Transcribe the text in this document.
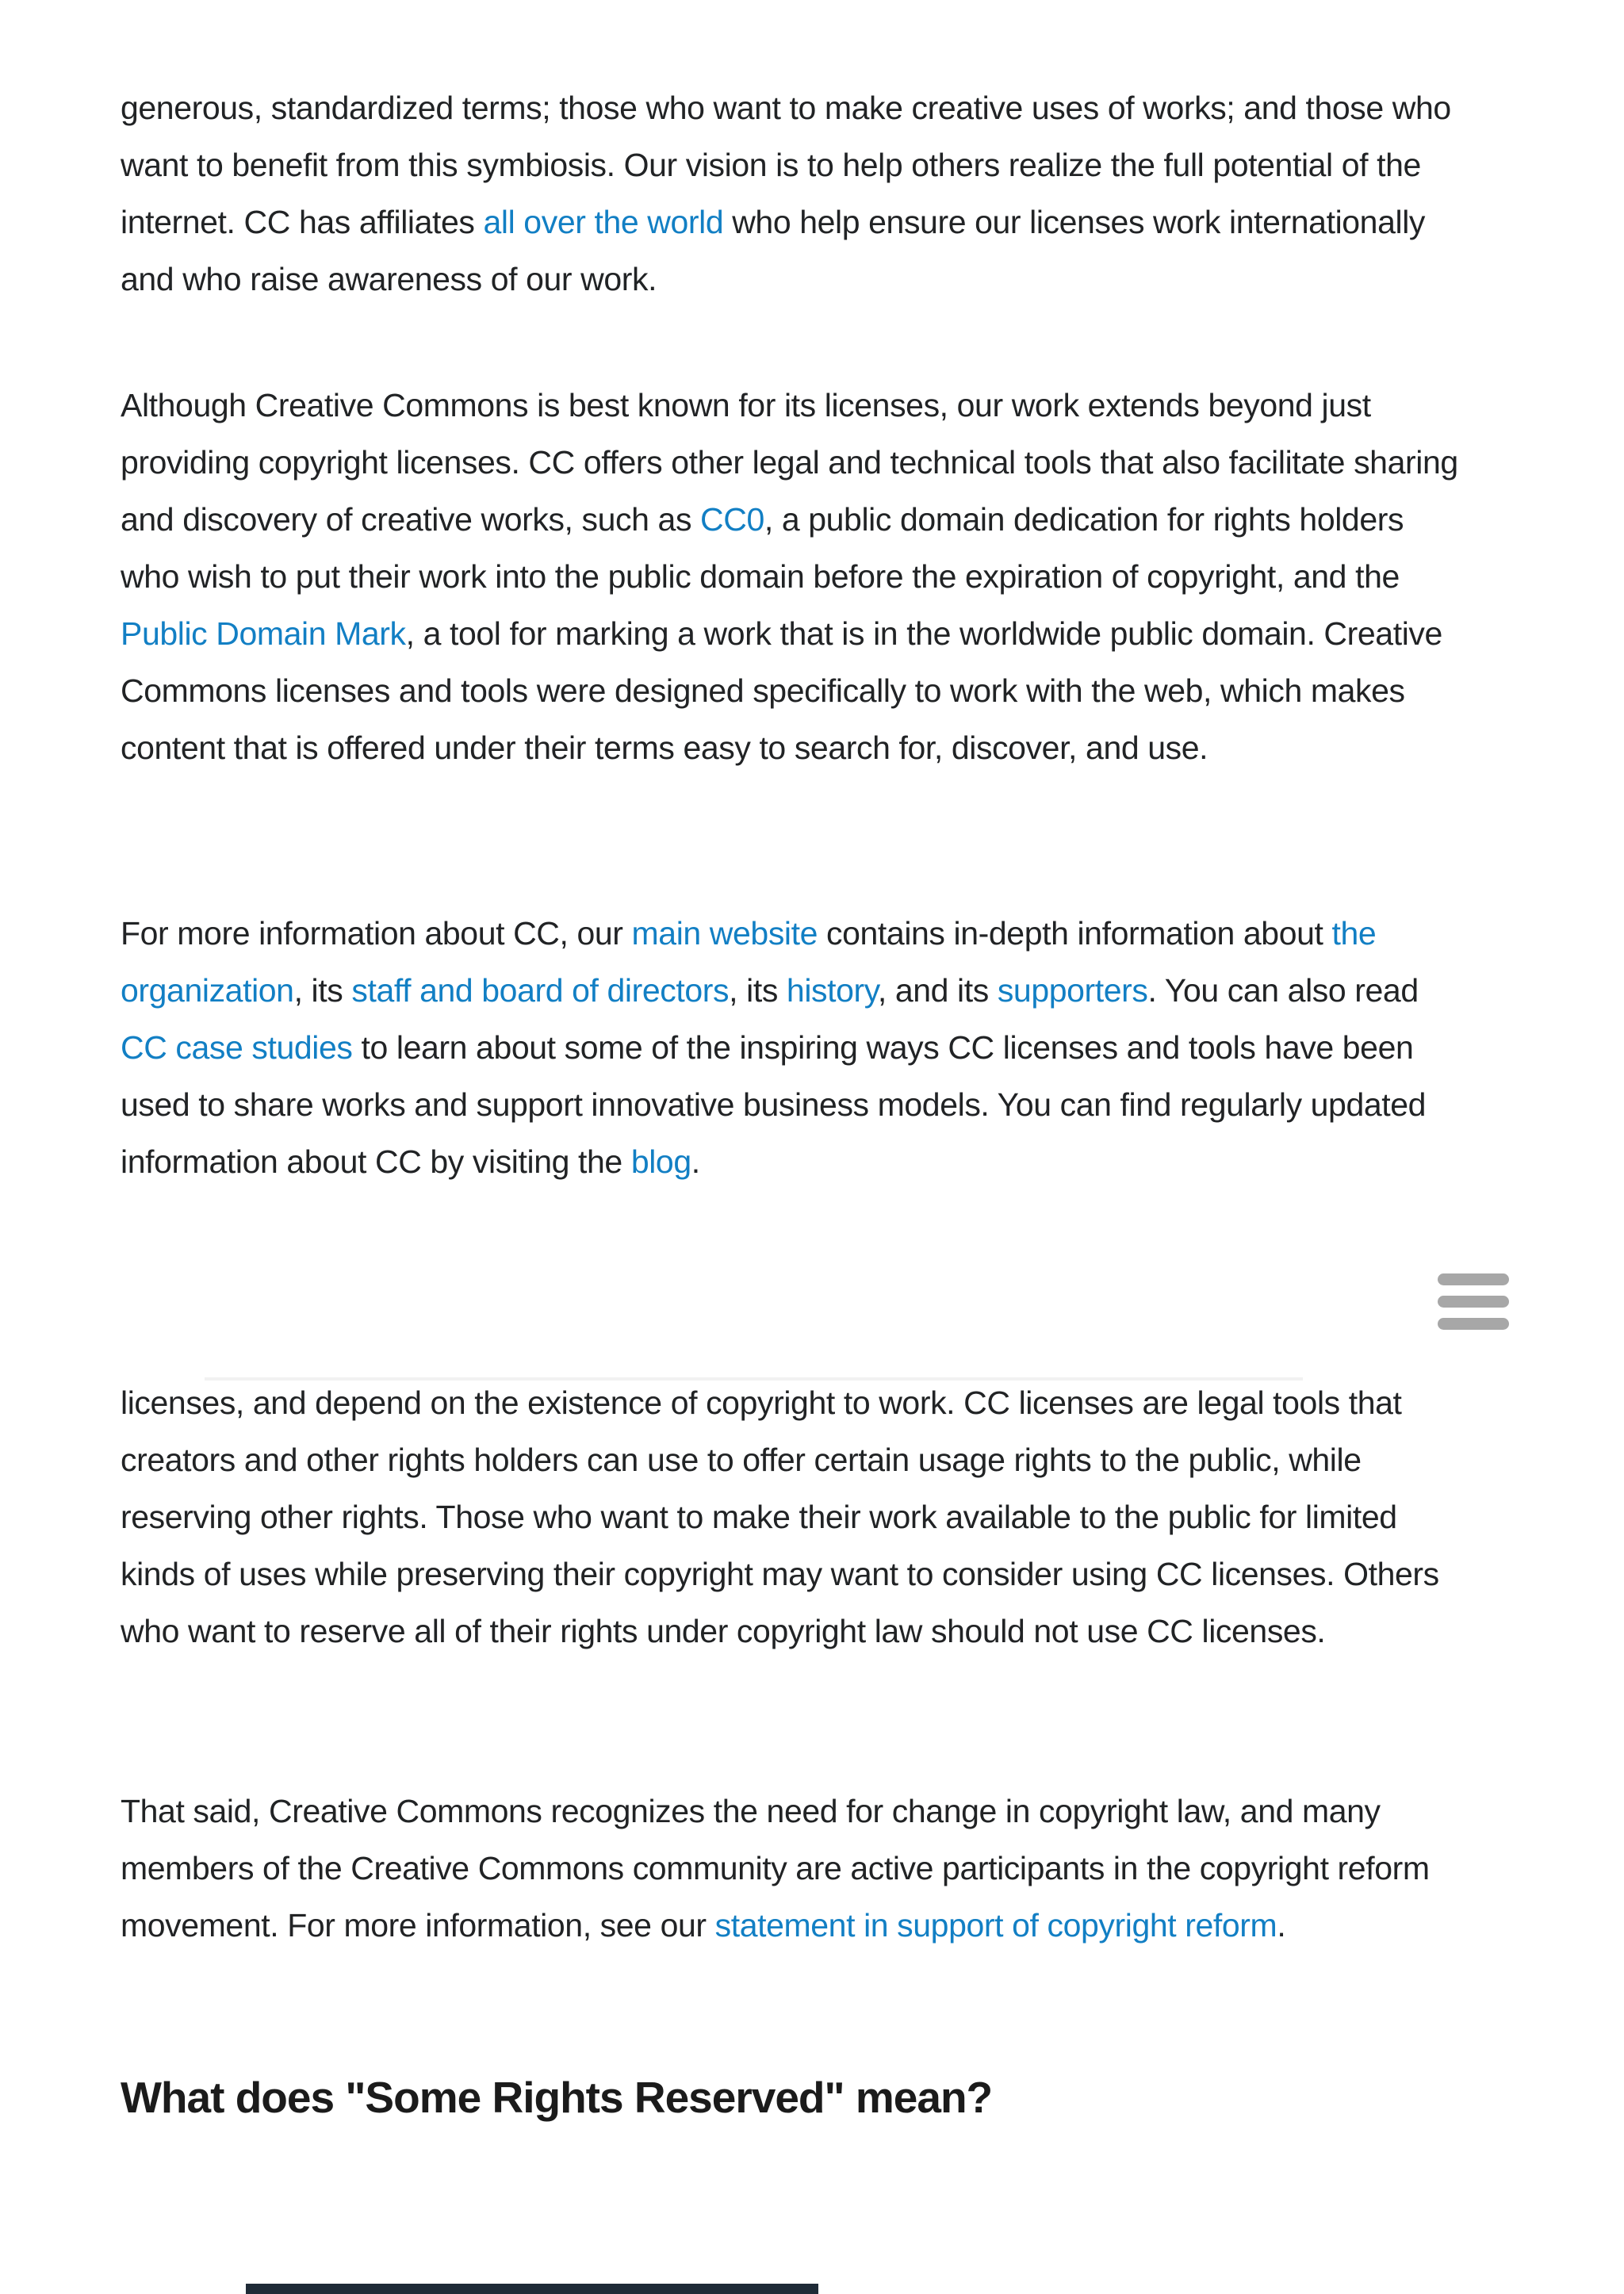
generous, standardized terms; those who want to make creative uses of works; and those who want to benefit from this symbiosis. Our vision is to help others realize the full potential of the internet. CC has affiliates all over the world who help ensure our licenses work internationally and who raise awareness of our work.

Although Creative Commons is best known for its licenses, our work extends beyond just providing copyright licenses. CC offers other legal and technical tools that also facilitate sharing and discovery of creative works, such as CC0, a public domain dedication for rights holders who wish to put their work into the public domain before the expiration of copyright, and the Public Domain Mark, a tool for marking a work that is in the worldwide public domain. Creative Commons licenses and tools were designed specifically to work with the web, which makes content that is offered under their terms easy to search for, discover, and use.

For more information about CC, our main website contains in-depth information about the organization, its staff and board of directors, its history, and its supporters. You can also read CC case studies to learn about some of the inspiring ways CC licenses and tools have been used to share works and support innovative business models. You can find regularly updated information about CC by visiting the blog.

licenses, and depend on the existence of copyright to work. CC licenses are legal tools that creators and other rights holders can use to offer certain usage rights to the public, while reserving other rights. Those who want to make their work available to the public for limited kinds of uses while preserving their copyright may want to consider using CC licenses. Others who want to reserve all of their rights under copyright law should not use CC licenses.

That said, Creative Commons recognizes the need for change in copyright law, and many members of the Creative Commons community are active participants in the copyright reform movement. For more information, see our statement in support of copyright reform.

What does "Some Rights Reserved" mean?
